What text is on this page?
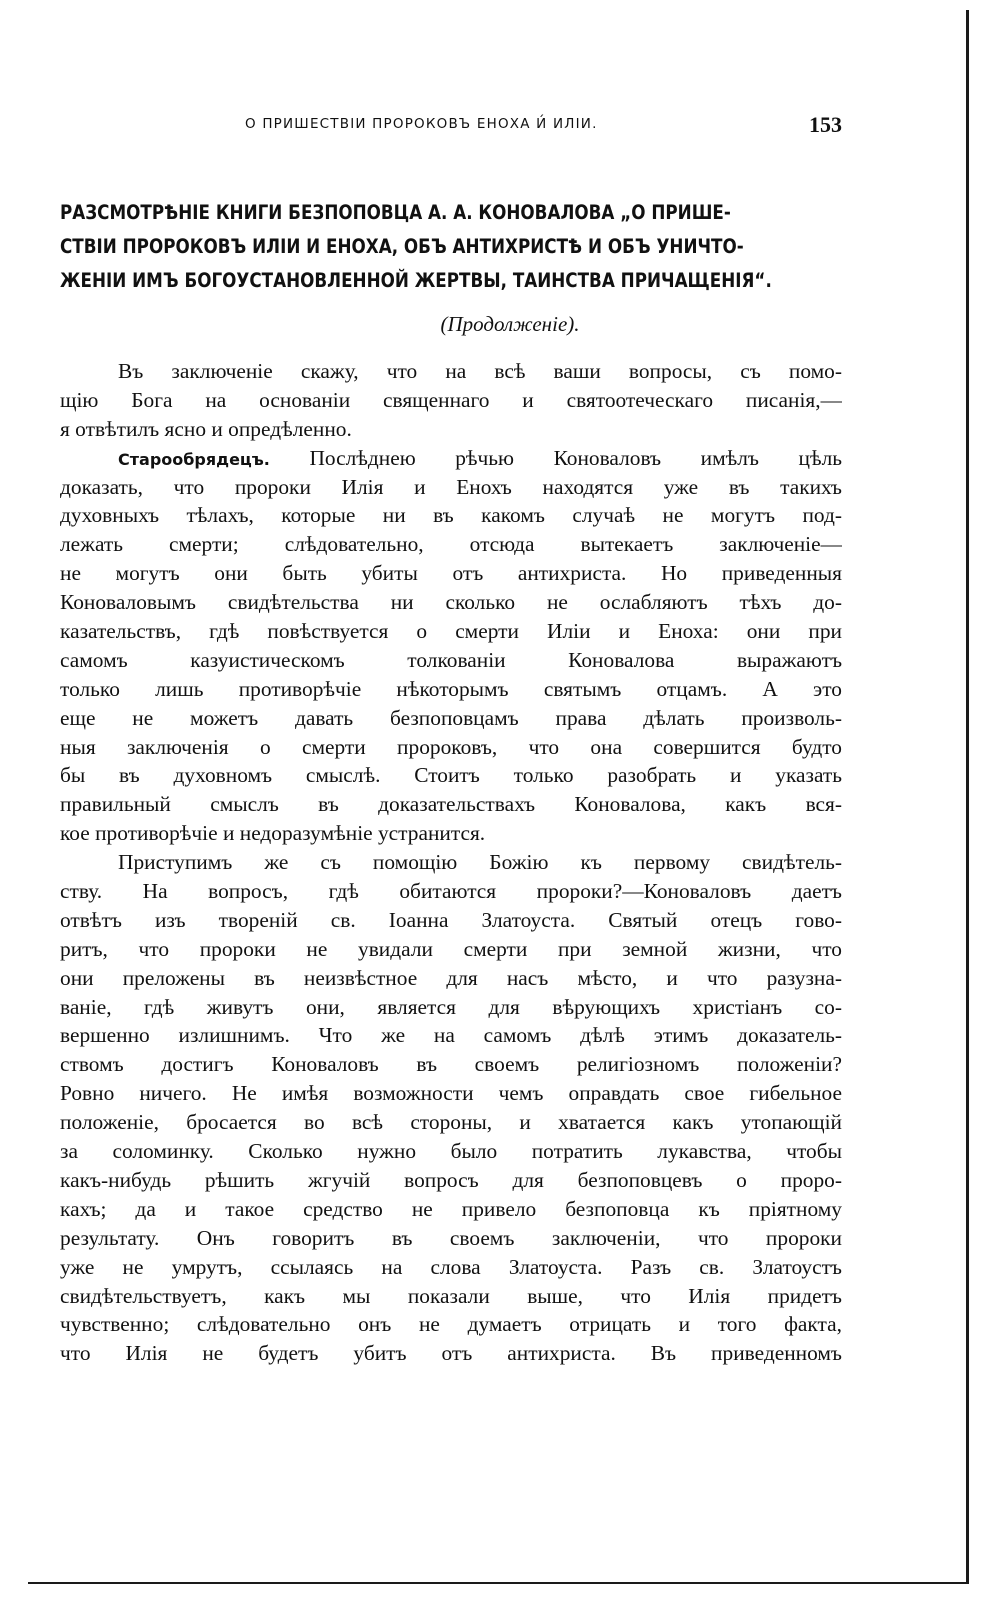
О ПРИШЕСТВІИ ПРОРОКОВЪ ЕНОХА И́ ИЛІИ.	153
РАЗСМОТРѢНІЕ КНИГИ БЕЗПОПОВЦА А. А. КОНОВАЛОВА „О ПРИШЕ-
СТВІИ ПРОРОКОВЪ ИЛІИ И ЕНОХА, ОБЪ АНТИХРИСТѢ И ОБЪ УНИЧТО-
ЖЕНІИ ИМЪ БОГОУСТАНОВЛЕННОЙ ЖЕРТВЫ, ТАИНСТВА ПРИЧАЩЕНІЯ“.
(Продолженіе).
Въ заключеніе скажу, что на всѣ ваши вопросы, съ помо-
щію Бога на основаніи священнаго и святоотеческаго писанія,—
я отвѣтилъ ясно и опредѣленно.
Старообрядецъ. Послѣднею рѣчью Коноваловъ имѣлъ цѣль
доказать, что пророки Илія и Енохъ находятся уже въ такихъ
духовныхъ тѣлахъ, которые ни въ какомъ случаѣ не могутъ под-
лежать смерти; слѣдовательно, отсюда вытекаетъ заключеніе—
не могутъ они быть убиты отъ антихриста. Но приведенныя
Коноваловымъ свидѣтельства ни сколько не ослабляютъ тѣхъ до-
казательствъ, гдѣ повѣствуется о смерти Иліи и Еноха: они при
самомъ казуистическомъ толкованіи Коновалова выражаютъ
только лишь противорѣчіе нѣкоторымъ святымъ отцамъ. А это
еще не можетъ давать безпоповцамъ права дѣлать произволь-
ныя заключенія о смерти пророковъ, что она совершится будто
бы въ духовномъ смыслѣ. Стоитъ только разобрать и указать
правильный смыслъ въ доказательствахъ Коновалова, какъ вся-
кое противорѣчіе и недоразумѣніе устранится.
Приступимъ же съ помощію Божію къ первому свидѣтель-
ству. На вопросъ, гдѣ обитаются пророки?—Коноваловъ даетъ
отвѣтъ изъ твореній св. Іоанна Златоуста. Святый отецъ гово-
ритъ, что пророки не увидали смерти при земной жизни, что
они преложены въ неизвѣстное для насъ мѣсто, и что разузна-
ваніе, гдѣ живутъ они, является для вѣрующихъ христіанъ со-
вершенно излишнимъ. Что же на самомъ дѣлѣ этимъ доказатель-
ствомъ достигъ Коноваловъ въ своемъ религіозномъ положеніи?
Ровно ничего. Не имѣя возможности чемъ оправдать свое гибельное
положеніе, бросается во всѣ стороны, и хватается какъ утопающій
за соломинку. Сколько нужно было потратить лукавства, чтобы
какъ-нибудь рѣшить жгучій вопросъ для безпоповцевъ о проро-
кахъ; да и такое средство не привело безпоповца къ пріятному
результату. Онъ говоритъ въ своемъ заключеніи, что пророки
уже не умрутъ, ссылаясь на слова Златоуста. Разъ св. Златоустъ
свидѣтельствуетъ, какъ мы показали выше, что Илія придетъ
чувственно; слѣдовательно онъ не думаетъ отрицать и того факта,
что Илія не будетъ убитъ отъ антихриста. Въ приведенномъ
